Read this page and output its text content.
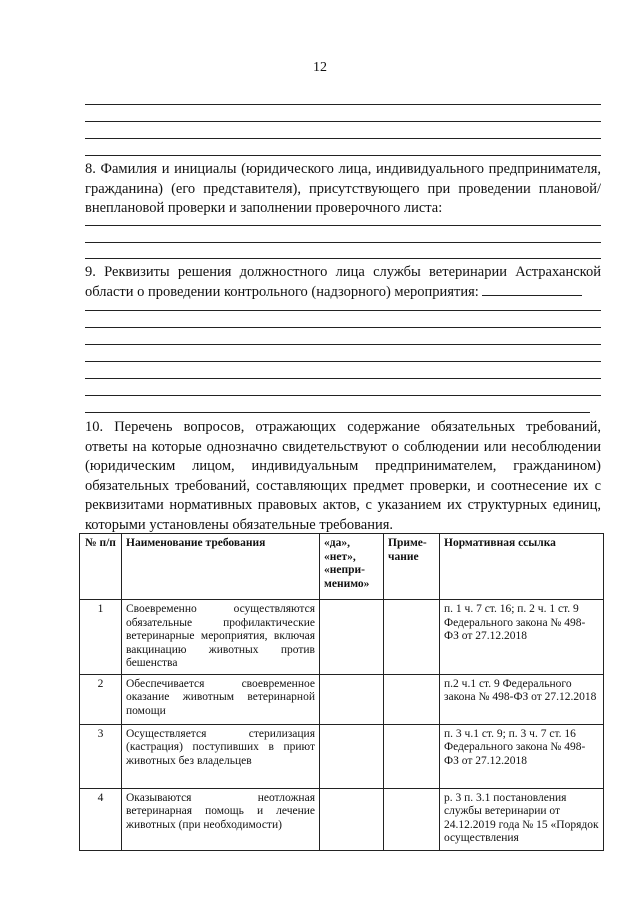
12

8. Фамилия и инициалы (юридического лица, индивидуального предпринимателя, гражданина) (его представителя), присутствующего при проведении плановой/внеплановой проверки и заполнении проверочного листа:

9. Реквизиты решения должностного лица службы ветеринарии Астраханской области о проведении контрольного (надзорного) мероприятия:

10. Перечень вопросов, отражающих содержание обязательных требований, ответы на которые однозначно свидетельствуют о соблюдении или несоблюдении (юридическим лицом, индивидуальным предпринимателем, гражданином) обязательных требований, составляющих предмет проверки, и соотнесение их с реквизитами нормативных правовых актов, с указанием их структурных единиц, которыми установлены обязательные требования.

№ п/п	Наименование требования	«да», «нет», «непри-менимо»	Приме-чание	Нормативная ссылка
1	Своевременно осуществляются обязательные профилактические ветеринарные мероприятия, включая вакцинацию животных против бешенства			п. 1 ч. 7 ст. 16; п. 2 ч. 1 ст. 9 Федерального закона № 498-ФЗ от 27.12.2018
2	Обеспечивается своевременное оказание животным ветеринарной помощи			п.2 ч.1 ст. 9 Федерального закона № 498-ФЗ от 27.12.2018
3	Осуществляется стерилизация (кастрация) поступивших в приют животных без владельцев			п. 3 ч.1 ст. 9; п. 3 ч. 7 ст. 16 Федерального закона № 498-ФЗ от 27.12.2018
4	Оказываются неотложная ветеринарная помощь и лечение животных (при необходимости)			р. 3 п. 3.1 постановления службы ветеринарии от 24.12.2019 года № 15 «Порядок осуществления
